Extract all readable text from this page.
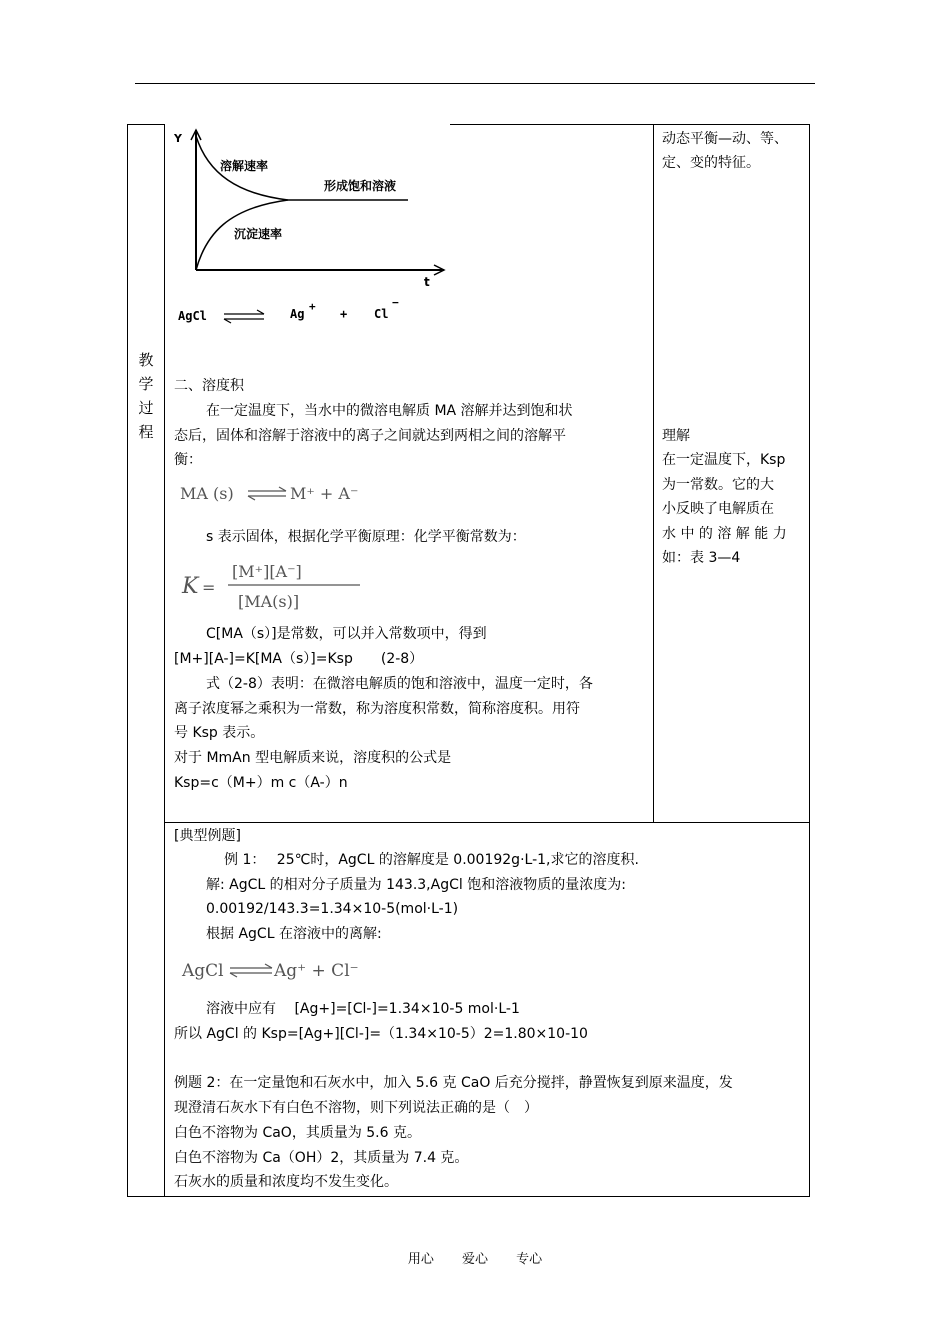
教
学
过
程
Y
t
溶解速率
形成饱和溶液
沉淀速率
AgCl	Ag
+
+ Cl
−
动态平衡—动、等、
定、变的特征。
理解
在一定温度下，Ksp
为一常数。它的大
小反映了电解质在
水 中 的 溶 解 能 力
如：表 3—4
二、溶度积
在一定温度下，当水中的微溶电解质 MA 溶解并达到饱和状
态后，固体和溶解于溶液中的离子之间就达到两相之间的溶解平
衡：
MA (s)	M⁺ + A⁻
s 表示固体，根据化学平衡原理：化学平衡常数为：
K =
[M⁺][A⁻]
[MA(s)]
C[MA（s）]是常数，可以并入常数项中，得到
[M+][A-]=K[MA（s）]=Ksp　　(2-8）
式（2-8）表明：在微溶电解质的饱和溶液中，温度一定时，各
离子浓度幂之乘积为一常数，称为溶度积常数，简称溶度积。用符
号 Ksp 表示。
对于 MmAn 型电解质来说，溶度积的公式是
Ksp=c（M+）m c（A-）n
[典型例题]
例 1：　 25℃时，AgCL 的溶解度是 0.00192g·L-1,求它的溶度积.
解: AgCL 的相对分子质量为 143.3,AgCl 饱和溶液物质的量浓度为:
0.00192/143.3=1.34×10-5(mol·L-1)
根据 AgCL 在溶液中的离解:
AgCl	Ag⁺ + Cl⁻
溶液中应有　 [Ag+]=[Cl-]=1.34×10-5 mol·L-1
所以 AgCl 的 Ksp=[Ag+][Cl-]=（1.34×10-5）2=1.80×10-10
例题 2：在一定量饱和石灰水中，加入 5.6 克 CaO 后充分搅拌，静置恢复到原来温度，发
现澄清石灰水下有白色不溶物，则下列说法正确的是（　）
白色不溶物为 CaO，其质量为 5.6 克。
白色不溶物为 Ca（OH）2，其质量为 7.4 克。
石灰水的质量和浓度均不发生变化。
用心 爱心 专心
